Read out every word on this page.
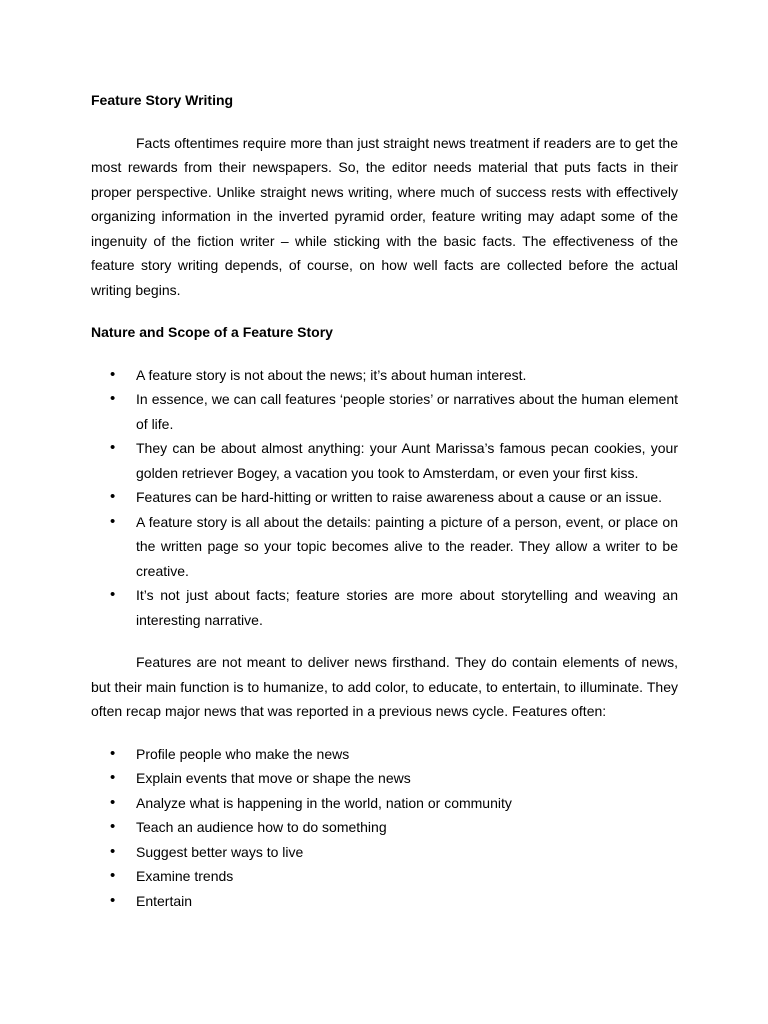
Feature Story Writing

Facts oftentimes require more than just straight news treatment if readers are to get the most rewards from their newspapers. So, the editor needs material that puts facts in their proper perspective. Unlike straight news writing, where much of success rests with effectively organizing information in the inverted pyramid order, feature writing may adapt some of the ingenuity of the fiction writer – while sticking with the basic facts. The effectiveness of the feature story writing depends, of course, on how well facts are collected before the actual writing begins.

Nature and Scope of a Feature Story
• A feature story is not about the news; it’s about human interest.
• In essence, we can call features ‘people stories’ or narratives about the human element of life.
• They can be about almost anything: your Aunt Marissa’s famous pecan cookies, your golden retriever Bogey, a vacation you took to Amsterdam, or even your first kiss.
• Features can be hard-hitting or written to raise awareness about a cause or an issue.
• A feature story is all about the details: painting a picture of a person, event, or place on the written page so your topic becomes alive to the reader. They allow a writer to be creative.
• It’s not just about facts; feature stories are more about storytelling and weaving an interesting narrative.

Features are not meant to deliver news firsthand. They do contain elements of news, but their main function is to humanize, to add color, to educate, to entertain, to illuminate. They often recap major news that was reported in a previous news cycle. Features often:

• Profile people who make the news
• Explain events that move or shape the news
• Analyze what is happening in the world, nation or community
• Teach an audience how to do something
• Suggest better ways to live
• Examine trends
• Entertain
